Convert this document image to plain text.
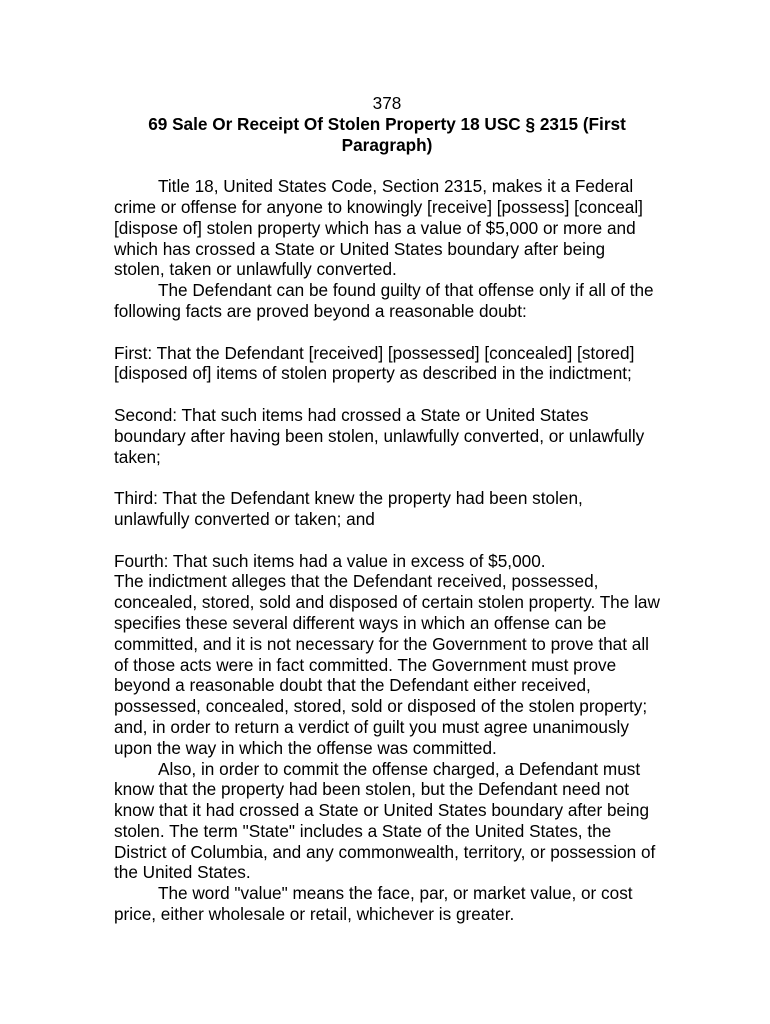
378

69 Sale Or Receipt Of Stolen Property 18 USC § 2315 (First Paragraph)

Title 18, United States Code, Section 2315, makes it a Federal crime or offense for anyone to knowingly [receive] [possess] [conceal] [dispose of] stolen property which has a value of $5,000 or more and which has crossed a State or United States boundary after being stolen, taken or unlawfully converted.

The Defendant can be found guilty of that offense only if all of the following facts are proved beyond a reasonable doubt:

First: That the Defendant [received] [possessed] [concealed] [stored] [disposed of] items of stolen property as described in the indictment;

Second: That such items had crossed a State or United States boundary after having been stolen, unlawfully converted, or unlawfully taken;

Third: That the Defendant knew the property had been stolen, unlawfully converted or taken; and

Fourth: That such items had a value in excess of $5,000.

The indictment alleges that the Defendant received, possessed, concealed, stored, sold and disposed of certain stolen property. The law specifies these several different ways in which an offense can be committed, and it is not necessary for the Government to prove that all of those acts were in fact committed. The Government must prove beyond a reasonable doubt that the Defendant either received, possessed, concealed, stored, sold or disposed of the stolen property; and, in order to return a verdict of guilt you must agree unanimously upon the way in which the offense was committed.

Also, in order to commit the offense charged, a Defendant must know that the property had been stolen, but the Defendant need not know that it had crossed a State or United States boundary after being stolen. The term "State" includes a State of the United States, the District of Columbia, and any commonwealth, territory, or possession of the United States.

The word "value" means the face, par, or market value, or cost price, either wholesale or retail, whichever is greater.
